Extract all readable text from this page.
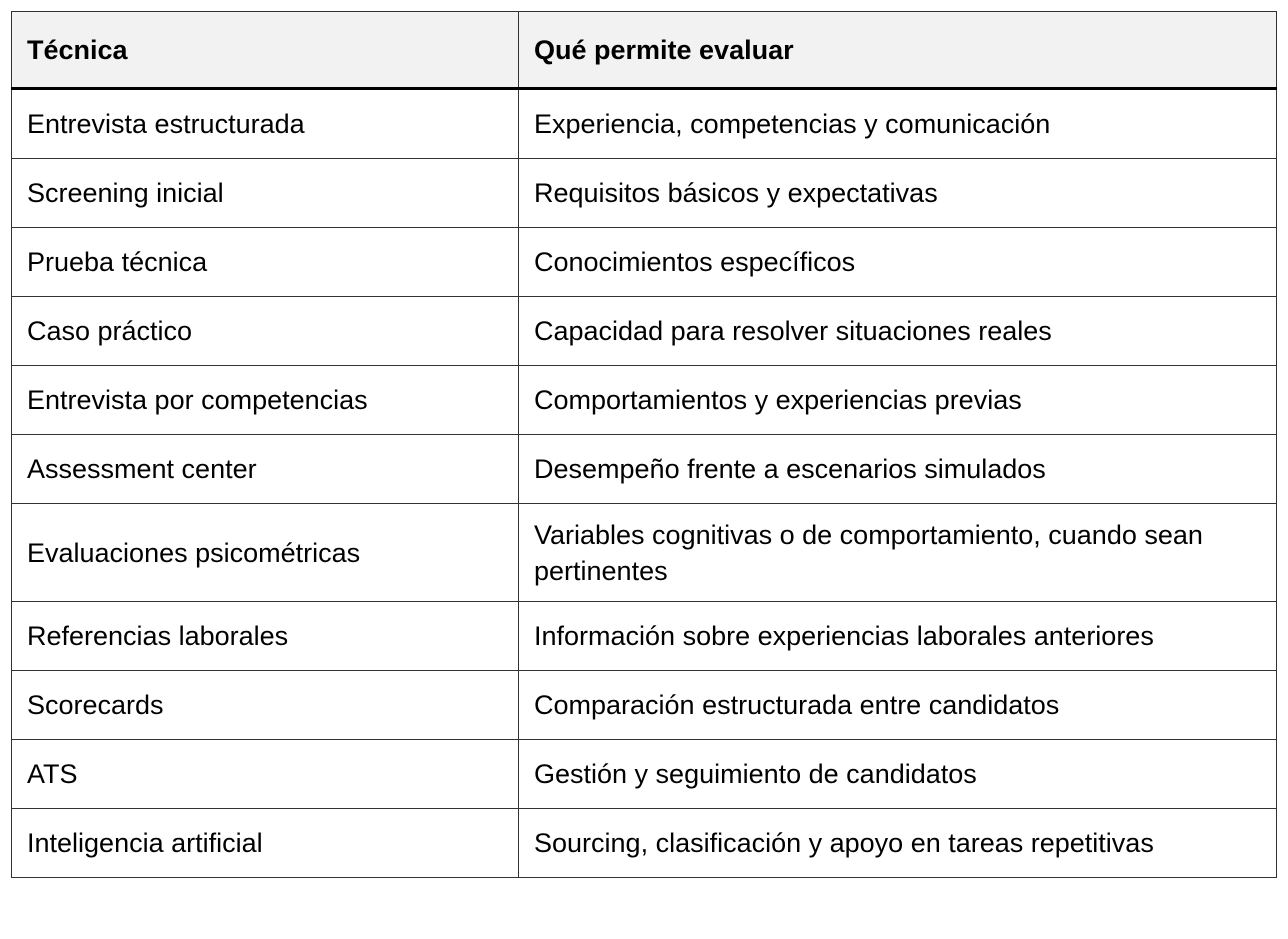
Técnica	Qué permite evaluar
Entrevista estructurada	Experiencia, competencias y comunicación
Screening inicial	Requisitos básicos y expectativas
Prueba técnica	Conocimientos específicos
Caso práctico	Capacidad para resolver situaciones reales
Entrevista por competencias	Comportamientos y experiencias previas
Assessment center	Desempeño frente a escenarios simulados
Evaluaciones psicométricas	Variables cognitivas o de comportamiento, cuando sean pertinentes
Referencias laborales	Información sobre experiencias laborales anteriores
Scorecards	Comparación estructurada entre candidatos
ATS	Gestión y seguimiento de candidatos
Inteligencia artificial	Sourcing, clasificación y apoyo en tareas repetitivas
